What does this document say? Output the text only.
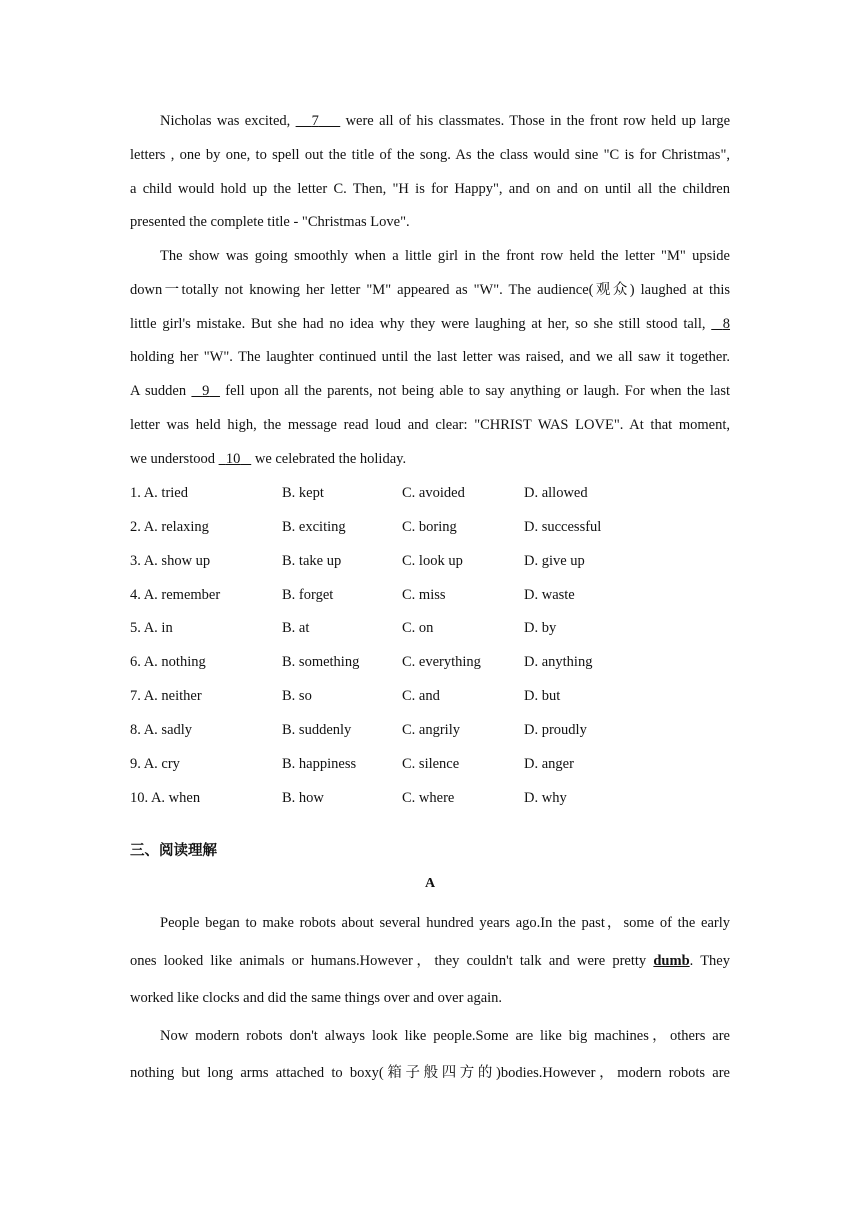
Nicholas was excited,    7     were all of his classmates. Those in the front row held up large
letters , one by one, to spell out the title of the song. As the class would sine "C is for Christmas",
a child would hold up the letter C. Then, "H is for Happy", and on and on until all the children
presented the complete title - "Christmas Love".
The show was going smoothly when a little girl in the front row held the letter "M" upside
down一totally not knowing her letter "M" appeared as "W". The audience(观众) laughed at this
little girl's mistake. But she had no idea why they were laughing at her, so she still stood tall,   8
holding her "W". The laughter continued until the last letter was raised, and we all saw it together.
A sudden   9   fell upon all the parents, not being able to say anything or laugh. For when the last
letter was held high, the message read loud and clear: "CHRIST WAS LOVE". At that moment,
we understood   10    we celebrated the holiday.
1. A. tried	B. kept	C. avoided	D. allowed
2. A. relaxing	B. exciting	C. boring	D. successful
3. A. show up	B. take up	C. look up	D. give up
4. A. remember	B. forget	C. miss	D. waste
5. A. in	B. at	C. on	D. by
6. A. nothing	B. something	C. everything	D. anything
7. A. neither	B. so	C. and	D. but
8. A. sadly	B. suddenly	C. angrily	D. proudly
9. A. cry	B. happiness	C. silence	D. anger
10. A. when	B. how	C. where	D. why
三、阅读理解
A
People began to make robots about several hundred years ago.In the past，some of the early
ones looked like animals or humans.However，they couldn't talk and were pretty dumb. They
worked like clocks and did the same things over and over again.
Now modern robots don't always look like people.Some are like big machines，others are
nothing but long arms attached to boxy(箱子般四方的)bodies.However，modern robots are
